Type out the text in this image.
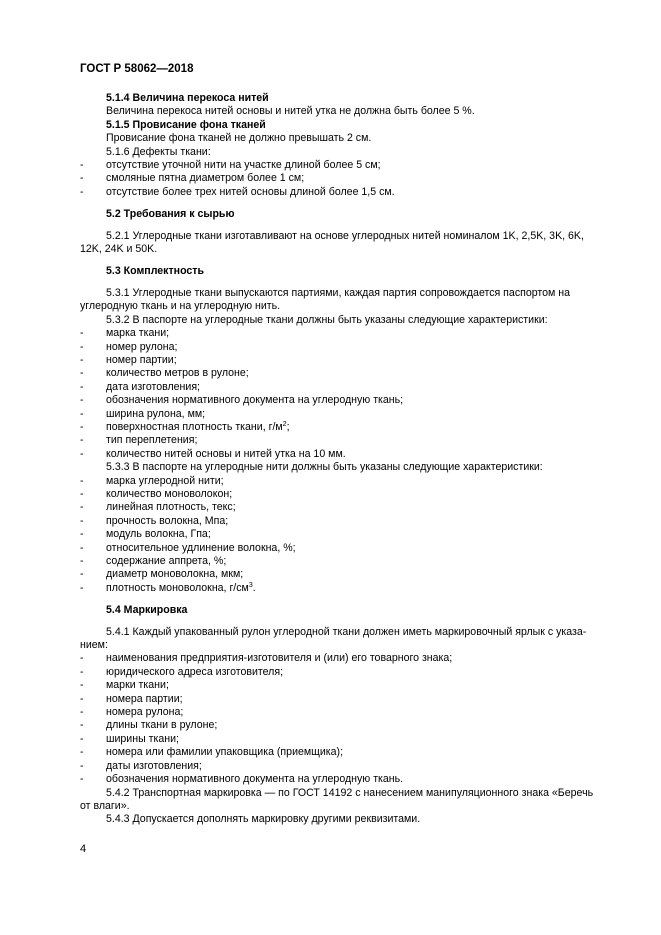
ГОСТ Р 58062—2018
5.1.4 Величина перекоса нитей
Величина перекоса нитей основы и нитей утка не должна быть более 5 %.
5.1.5 Провисание фона тканей
Провисание фона тканей не должно превышать 2 см.
5.1.6 Дефекты ткани:
- отсутствие уточной нити на участке длиной более 5 см;
- смоляные пятна диаметром более 1 см;
- отсутствие более трех нитей основы длиной более 1,5 см.
5.2 Требования к сырью
5.2.1 Углеродные ткани изготавливают на основе углеродных нитей номиналом 1K, 2,5K, 3K, 6K,
12K, 24K и 50K.
5.3 Комплектность
5.3.1 Углеродные ткани выпускаются партиями, каждая партия сопровождается паспортом на
углеродную ткань и на углеродную нить.
5.3.2 В паспорте на углеродные ткани должны быть указаны следующие характеристики:
- марка ткани;
- номер рулона;
- номер партии;
- количество метров в рулоне;
- дата изготовления;
- обозначения нормативного документа на углеродную ткань;
- ширина рулона, мм;
- поверхностная плотность ткани, $г/м^2$;
- тип переплетения;
- количество нитей основы и нитей утка на 10 мм.
5.3.3 В паспорте на углеродные нити должны быть указаны следующие характеристики:
- марка углеродной нити;
- количество моноволокон;
- линейная плотность, текс;
- прочность волокна, Мпа;
- модуль волокна, Гпа;
- относительное удлинение волокна, %;
- содержание аппрета, %;
- диаметр моноволокна, мкм;
- плотность моноволокна, $г/см^3$.
5.4 Маркировка
5.4.1 Каждый упакованный рулон углеродной ткани должен иметь маркировочный ярлык с указа-
нием:
- наименования предприятия-изготовителя и (или) его товарного знака;
- юридического адреса изготовителя;
- марки ткани;
- номера партии;
- номера рулона;
- длины ткани в рулоне;
- ширины ткани;
- номера или фамилии упаковщика (приемщика);
- даты изготовления;
- обозначения нормативного документа на углеродную ткань.
5.4.2 Транспортная маркировка — по ГОСТ 14192 с нанесением манипуляционного знака «Беречь
от влаги».
5.4.3 Допускается дополнять маркировку другими реквизитами.
4
